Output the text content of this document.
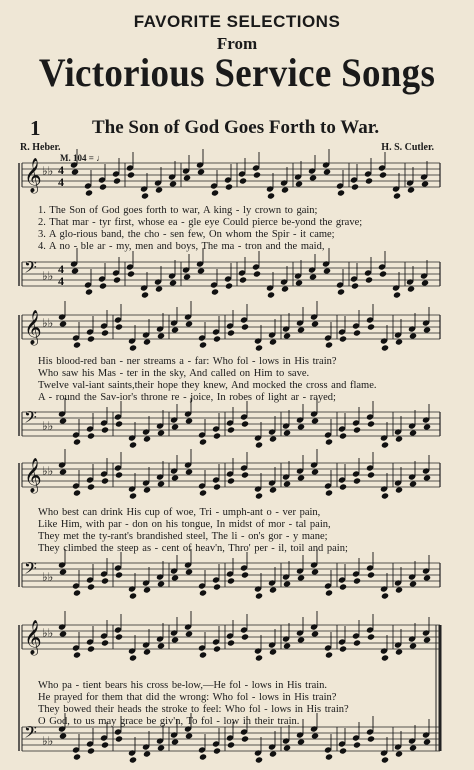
FAVORITE SELECTIONS
From
Victorious Service Songs
1	The Son of God Goes Forth to War.
R. Heber.	H. S. Cutler.
M. 104 = ♩
𝄞 ♭♭ 4
4
𝄢 ♭♭ 4
4
𝄞 ♭♭
𝄢 ♭♭
𝄞 ♭♭
𝄢 ♭♭
𝄞 ♭♭
𝄢 ♭♭
1. The Son of God goes forth to war, A king - ly crown to gain;
2. That mar - tyr first, whose ea - gle eye Could pierce be-yond the grave;
3. A glo-rious band, the cho - sen few, On whom the Spir - it came;
4. A no - ble ar - my, men and boys, The ma - tron and the maid,
His blood-red ban - ner streams a - far: Who fol - lows in His train?
Who saw his Mas - ter in the sky, And called on Him to save.
Twelve val-iant saints,their hope they knew, And mocked the cross and flame.
A - round the Sav-ior's throne re - joice, In robes of light ar - rayed;
Who best can drink His cup of woe, Tri - umph-ant o - ver pain,
Like Him, with par - don on his tongue, In midst of mor - tal pain,
They met the ty-rant's brandished steel, The li - on's gor - y mane;
They climbed the steep as - cent of heav'n, Thro' per - il, toil and pain;
Who pa - tient bears his cross be-low,—He fol - lows in His train.
He prayed for them that did the wrong: Who fol - lows in His train?
They bowed their heads the stroke to feel: Who fol - lows in His train?
O God, to us may grace be giv'n, To fol - low in their train.
